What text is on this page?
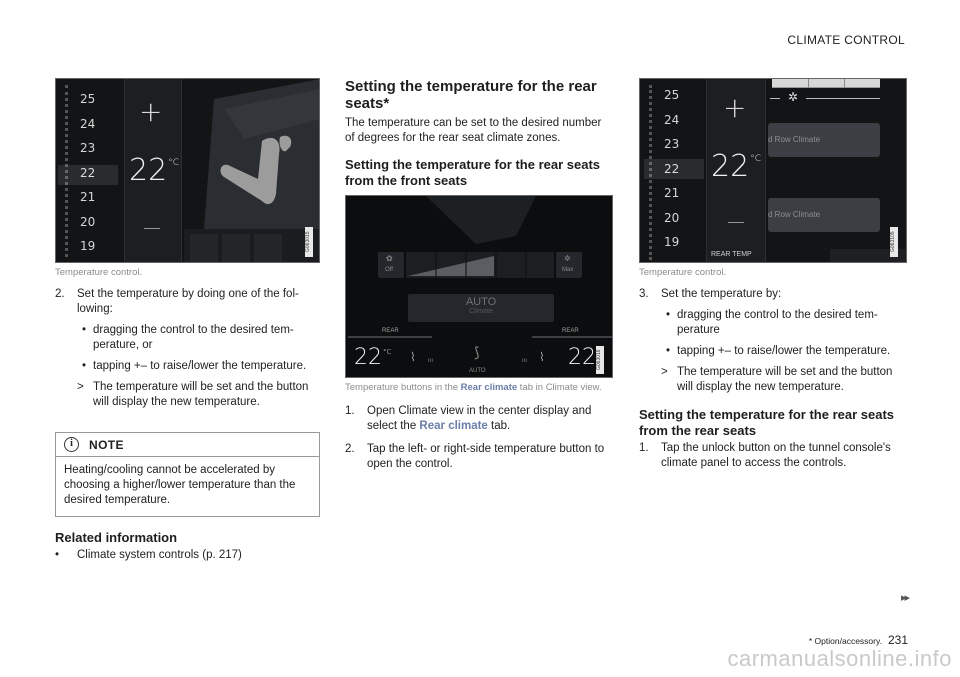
CLIMATE CONTROL
25
24
23
22
21
20
19
+
$22^{^\circ C}$
—
G063015
Temperature control.
2. Set the temperature by doing one of the following:
• dragging the control to the desired temperature, or
• tapping +– to raise/lower the temperature.
> The temperature will be set and the button will display the new temperature.
i	NOTE
Heating/cooling cannot be accelerated by choosing a higher/lower temperature than the desired temperature.
Related information
• Climate system controls (p. 217)
Setting the temperature for the rear seats*
The temperature can be set to the desired number of degrees for the rear seat climate zones.
Setting the temperature for the rear seats from the front seats
✿
Off
✲
Max
AUTO
Climate
REAR	REAR
$22^{^\circ C}$ ⌇ ııı
⟆
AUTO
ııı ⌇ 22 G063016
Temperature buttons in the Rear climate tab in Climate view.
1. Open Climate view in the center display and select the Rear climate tab.
2. Tap the left- or right-side temperature button to open the control.
25
24
23
22
21
20
19
+
$22^{^\circ C}$
—
REAR TEMP
✲
d Row Climate
d Row Climate
G063105
Temperature control.
3. Set the temperature by:
• dragging the control to the desired temperature
• tapping +– to raise/lower the temperature.
> The temperature will be set and the button will display the new temperature.
Setting the temperature for the rear seats from the rear seats
1. Tap the unlock button on the tunnel console's climate panel to access the controls.
▸▸
* Option/accessory. 231
carmanualsonline.info
